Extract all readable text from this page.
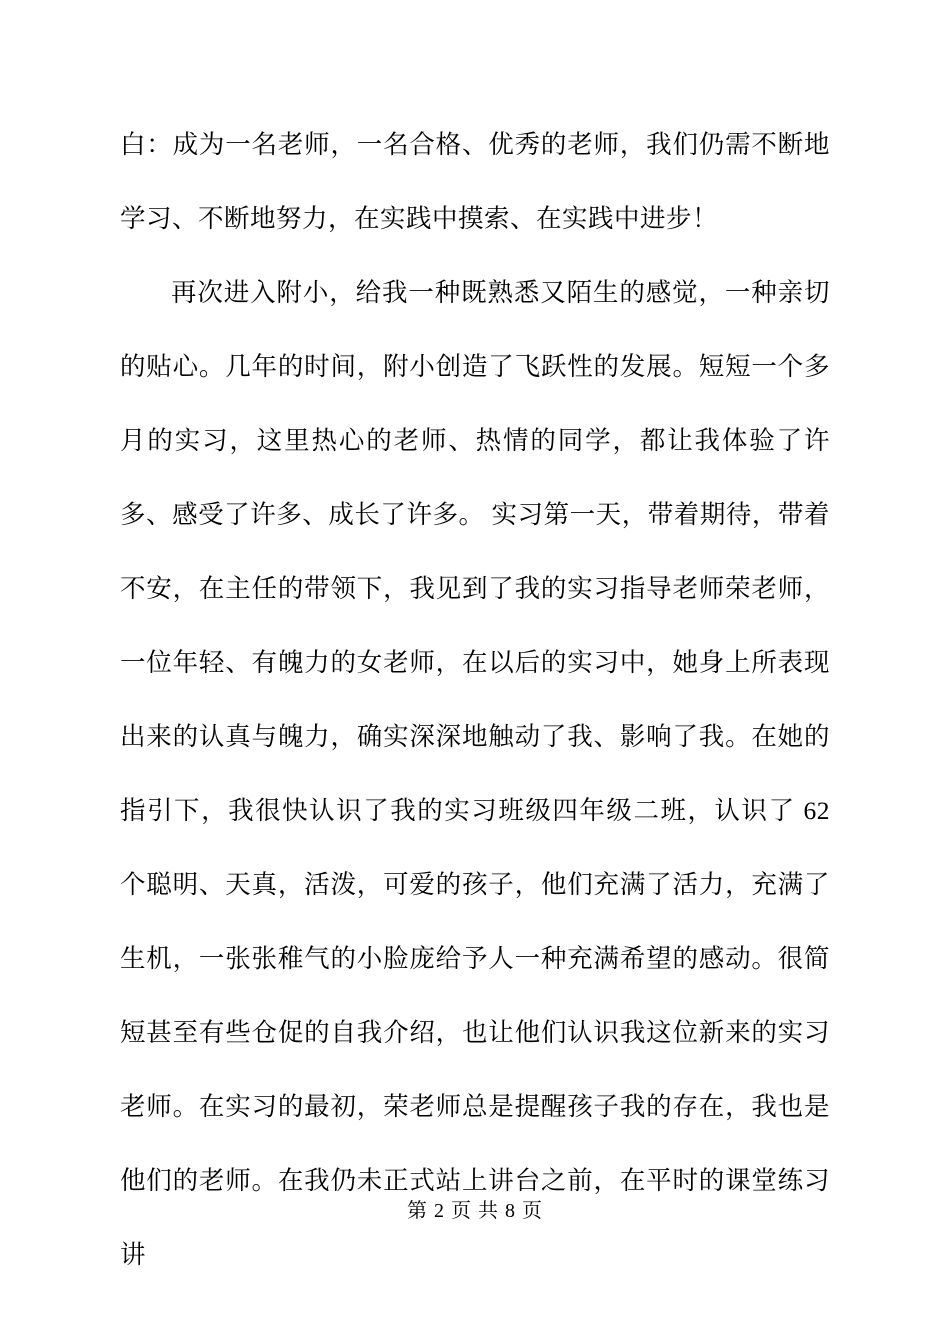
白：成为一名老师，一名合格、优秀的老师，我们仍需不断地学习、不断地努力，在实践中摸索、在实践中进步！

再次进入附小，给我一种既熟悉又陌生的感觉，一种亲切的贴心。几年的时间，附小创造了飞跃性的发展。短短一个多月的实习，这里热心的老师、热情的同学，都让我体验了许多、感受了许多、成长了许多。 实习第一天，带着期待，带着不安，在主任的带领下，我见到了我的实习指导老师荣老师，一位年轻、有魄力的女老师，在以后的实习中，她身上所表现出来的认真与魄力，确实深深地触动了我、影响了我。在她的指引下，我很快认识了我的实习班级四年级二班，认识了 62 个聪明、天真，活泼，可爱的孩子，他们充满了活力，充满了生机，一张张稚气的小脸庞给予人一种充满希望的感动。很简短甚至有些仓促的自我介绍，也让他们认识我这位新来的实习老师。在实习的最初，荣老师总是提醒孩子我的存在，我也是他们的老师。在我仍未正式站上讲台之前，在平时的课堂练习讲

第 2 页 共 8 页
